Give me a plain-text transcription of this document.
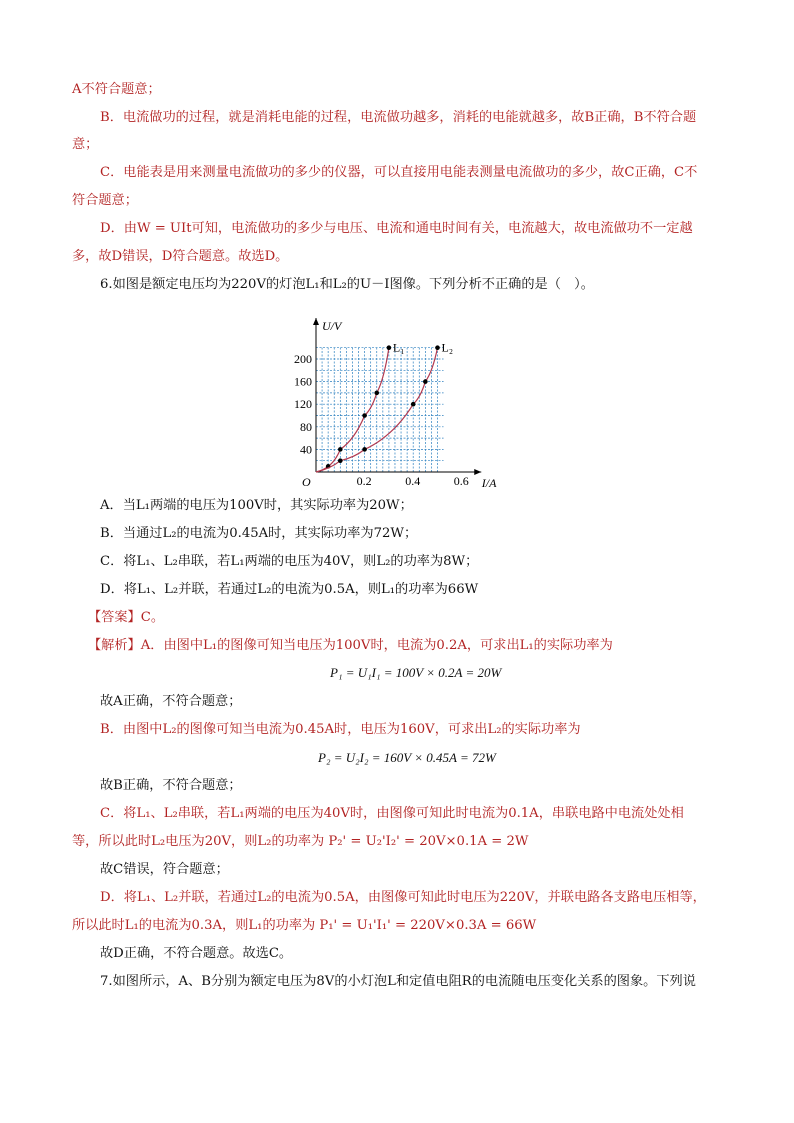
A不符合题意；
B．电流做功的过程，就是消耗电能的过程，电流做功越多，消耗的电能就越多，故B正确，B不符合题
意；
C．电能表是用来测量电流做功的多少的仪器，可以直接用电能表测量电流做功的多少，故C正确，C不
符合题意；
D．由W = UIt可知，电流做功的多少与电压、电流和通电时间有关，电流越大，故电流做功不一定越
多，故D错误，D符合题意。故选D。
6.如图是额定电压均为220V的灯泡L₁和L₂的U－I图像。下列分析不正确的是（　）。
A．当L₁两端的电压为100V时，其实际功率为20W；
B．当通过L₂的电流为0.45A时，其实际功率为72W；
C．将L₁、L₂串联，若L₁两端的电压为40V，则L₂的功率为8W；
D．将L₁、L₂并联，若通过L₂的电流为0.5A，则L₁的功率为66W
【答案】C。
【解析】A．由图中L₁的图像可知当电压为100V时，电流为0.2A，可求出L₁的实际功率为
故A正确，不符合题意；
B．由图中L₂的图像可知当电流为0.45A时，电压为160V，可求出L₂的实际功率为
故B正确，不符合题意；
C．将L₁、L₂串联，若L₁两端的电压为40V时，由图像可知此时电流为0.1A，串联电路中电流处处相
等，所以此时L₂电压为20V，则L₂的功率为 P₂' = U₂'I₂' = 20V×0.1A = 2W
故C错误，符合题意；
D．将L₁、L₂并联，若通过L₂的电流为0.5A，由图像可知此时电压为220V，并联电路各支路电压相等，
所以此时L₁的电流为0.3A，则L₁的功率为 P₁' = U₁'I₁' = 220V×0.3A = 66W
故D正确，不符合题意。故选C。
7.如图所示，A、B分别为额定电压为8V的小灯泡L和定值电阻R的电流随电压变化关系的图象。下列说
P₁ = U₁I₁ = 100V × 0.2A = 20W
P₂ = U₂I₂ = 160V × 0.45A = 72W
0.2	0.4	0.6
40
80
120
160
200
O	I/A
U/V
L₁	L₂
